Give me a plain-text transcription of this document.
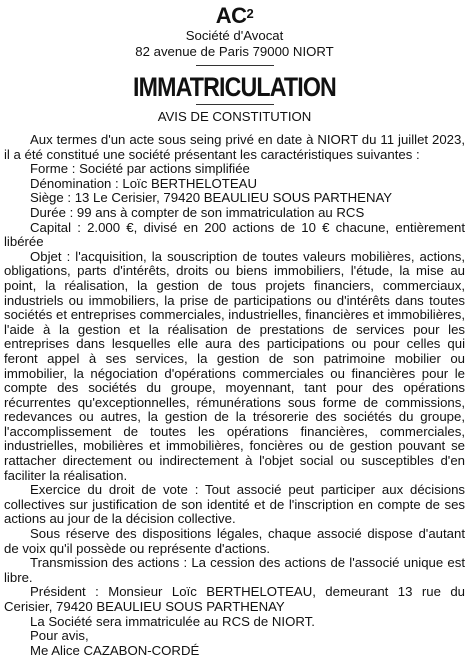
$AC^2$
Société d'Avocat
82 avenue de Paris 79000 NIORT
IMMATRICULATION
AVIS DE CONSTITUTION

Aux termes d'un acte sous seing privé en date à NIORT du 11 juillet 2023, il a été constitué une société présentant les caractéristiques suivantes :

Forme : Société par actions simplifiée

Dénomination : Loïc BERTHELOTEAU

Siège : 13 Le Cerisier, 79420 BEAULIEU SOUS PARTHENAY

Durée : 99 ans à compter de son immatriculation au RCS

Capital : 2.000 €, divisé en 200 actions de 10 € chacune, entièrement libérée

Objet : l'acquisition, la souscription de toutes valeurs mobilières, actions, obligations, parts d'intérêts, droits ou biens immobiliers, l'étude, la mise au point, la réalisation, la gestion de tous projets financiers, commerciaux, industriels ou immobiliers, la prise de participations ou d'intérêts dans toutes sociétés et entreprises commerciales, industrielles, financières et immobilières, l'aide à la gestion et la réalisation de prestations de services pour les entreprises dans lesquelles elle aura des participations ou pour celles qui feront appel à ses services, la gestion de son patrimoine mobilier ou immobilier, la négociation d'opérations commerciales ou financières pour le compte des sociétés du groupe, moyennant, tant pour des opérations récurrentes qu'exceptionnelles, rémunérations sous forme de commissions, redevances ou autres, la gestion de la trésorerie des sociétés du groupe, l'accomplissement de toutes les opérations financières, commerciales, industrielles, mobilières et immobilières, foncières ou de gestion pouvant se rattacher directement ou indirectement à l'objet social ou susceptibles d'en faciliter la réalisation.

Exercice du droit de vote : Tout associé peut participer aux décisions collectives sur justification de son identité et de l'inscription en compte de ses actions au jour de la décision collective.

Sous réserve des dispositions légales, chaque associé dispose d'autant de voix qu'il possède ou représente d'actions.

Transmission des actions : La cession des actions de l'associé unique est libre.

Président : Monsieur Loïc BERTHELOTEAU, demeurant 13 rue du Cerisier, 79420 BEAULIEU SOUS PARTHENAY

La Société sera immatriculée au RCS de NIORT.

Pour avis,

Me Alice CAZABON-CORDÉ
